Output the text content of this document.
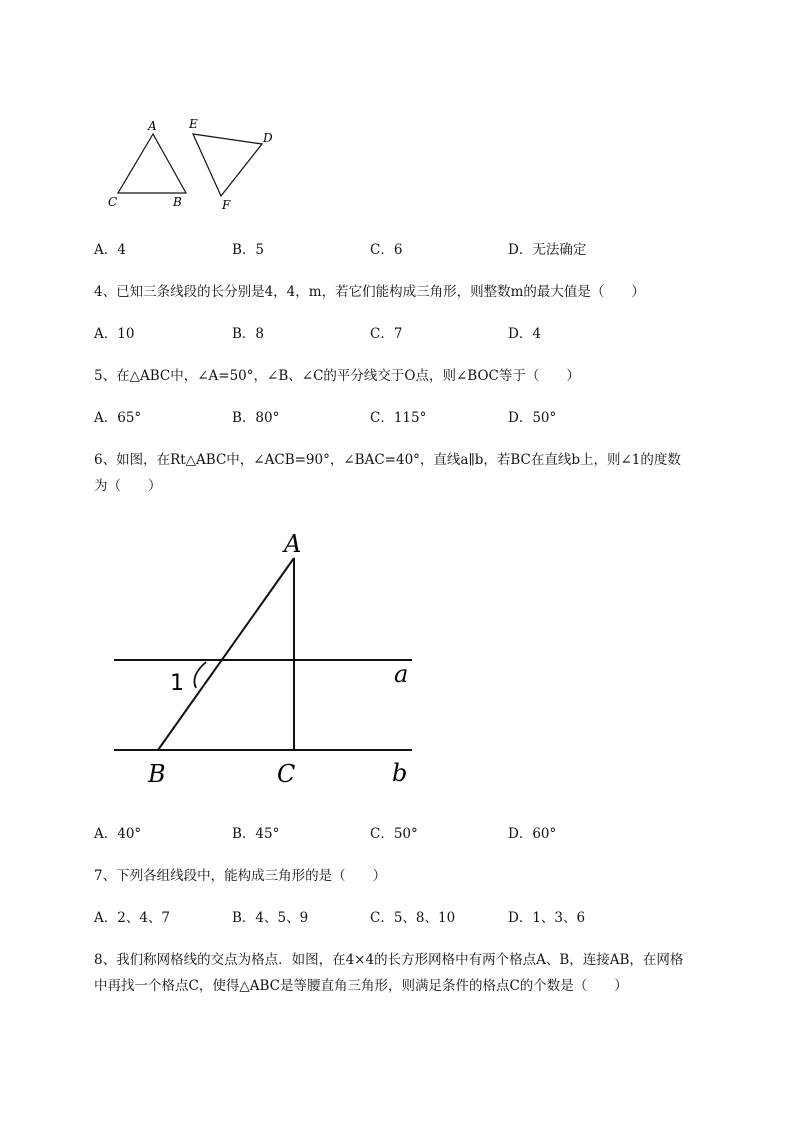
A
C	B
E
D
F
A．4	B．5	C．6	D．无法确定
4、已知三条线段的长分别是4，4，m，若它们能构成三角形，则整数m的最大值是（　　）
A．10	B．8	C．7	D．4
5、在△ABC中，∠A=50°，∠B、∠C的平分线交于O点，则∠BOC等于（　　）
A．65°	B．80°	C．115°	D．50°
6、如图，在Rt△ABC中，∠ACB=90°，∠BAC=40°，直线a∥b，若BC在直线b上，则∠1的度数
为（　　）
A
B	C
a
b
1
A．40°	B．45°	C．50°	D．60°
7、下列各组线段中，能构成三角形的是（　　）
A．2、4、7	B．4、5、9	C．5、8、10	D．1、3、6
8、我们称网格线的交点为格点．如图，在4×4的长方形网格中有两个格点A、B，连接AB，在网格
中再找一个格点C，使得△ABC是等腰直角三角形，则满足条件的格点C的个数是（　　）
